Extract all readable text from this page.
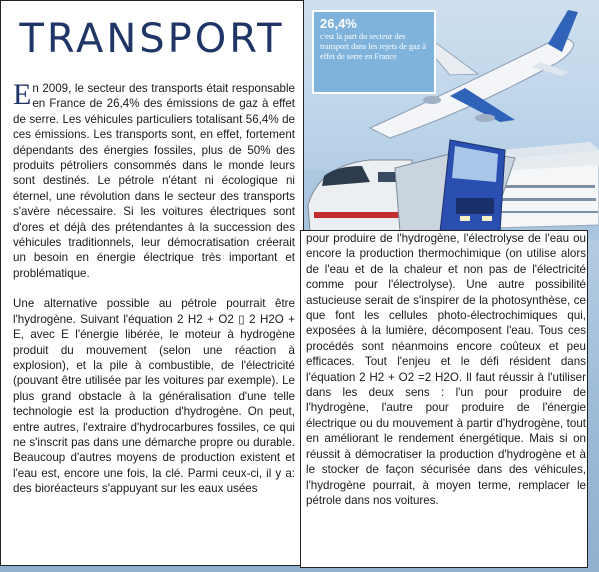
26,4%
c'est la part du secteur des transport dans les rejets de gaz à effet de serre en France
TRANSPORT

En 2009, le secteur des transports était responsable en France de 26,4% des émissions de gaz à effet de serre. Les véhicules particuliers totalisant 56,4% de ces émissions. Les transports sont, en effet, fortement dépendants des énergies fossiles, plus de 50% des produits pétroliers consommés dans le monde leurs sont destinés. Le pétrole n'étant ni écologique ni éternel, une révolution dans le secteur des transports s'avère nécessaire. Si les voitures électriques sont d'ores et déjà des prétendantes à la succession des véhicules traditionnels, leur démocratisation créerait un besoin en énergie électrique très important et problématique.

Une alternative possible au pétrole pourrait être l'hydrogène. Suivant l'équation 2 H2 + O2 ▯ 2 H2O + E, avec E l'énergie libérée, le moteur à hydrogène produit du mouvement (selon une réaction à explosion), et la pile à combustible, de l'électricité (pouvant être utilisée par les voitures par exemple). Le plus grand obstacle à la généralisation d'une telle technologie est la production d'hydrogène. On peut, entre autres, l'extraire d'hydrocarbures fossiles, ce qui ne s'inscrit pas dans une démarche propre ou durable. Beaucoup d'autres moyens de production existent et l'eau est, encore une fois, la clé. Parmi ceux-ci, il y a: des bioréacteurs s'appuyant sur les eaux usées

pour produire de l'hydrogène, l'électrolyse de l'eau ou encore la production thermochimique (on utilise alors de l'eau et de la chaleur et non pas de l'électricité comme pour l'électrolyse). Une autre possibilité astucieuse serait de s'inspirer de la photosynthèse, ce que font les cellules photo-électrochimiques qui, exposées à la lumière, décomposent l'eau. Tous ces procédés sont néanmoins encore coûteux et peu efficaces. Tout l'enjeu et le défi résident dans l'équation 2 H2 + O2 =2 H2O. Il faut réussir à l'utiliser dans les deux sens : l'un pour produire de l'hydrogène, l'autre pour produire de l'énergie électrique ou du mouvement à partir d'hydrogène, tout en améliorant le rendement énergétique. Mais si on réussit à démocratiser la production d'hydrogène et à le stocker de façon sécurisée dans des véhicules, l'hydrogène pourrait, à moyen terme, remplacer le pétrole dans nos voitures.
